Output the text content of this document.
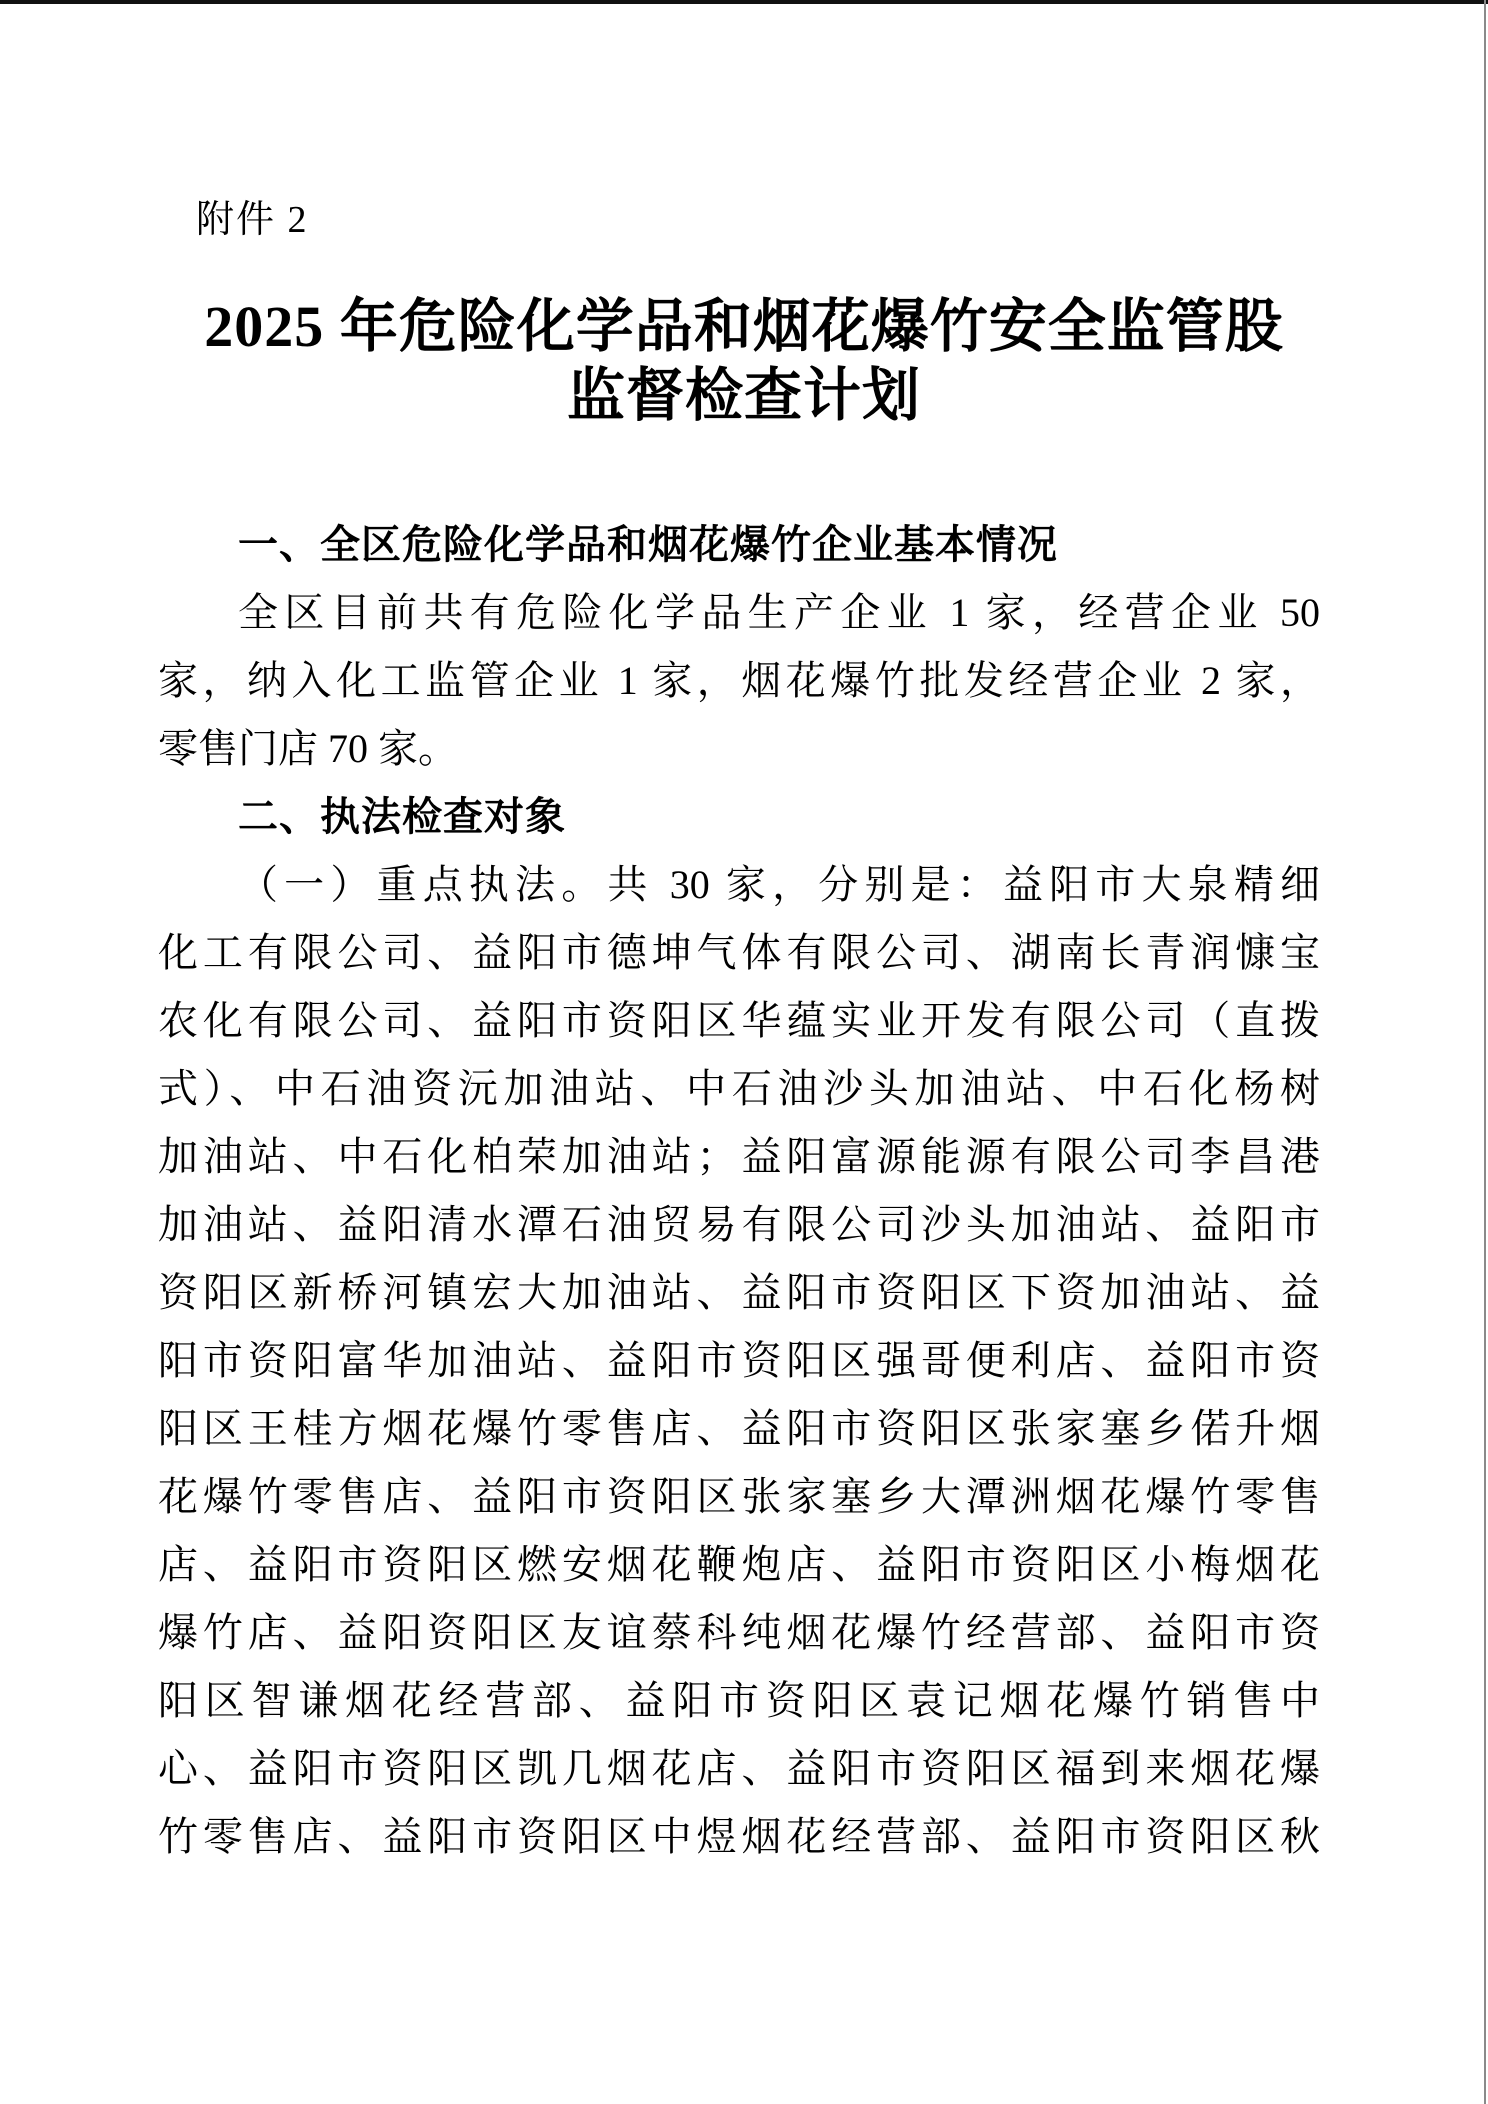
附件 2
2025 年危险化学品和烟花爆竹安全监管股
监督检查计划
一、全区危险化学品和烟花爆竹企业基本情况
全区目前共有危险化学品生产企业 1 家，经营企业 50
家，纳入化工监管企业 1 家，烟花爆竹批发经营企业 2 家，
零售门店 70 家。
二、执法检查对象
（一）重点执法。共 30 家，分别是：益阳市大泉精细
化工有限公司、益阳市德坤气体有限公司、湖南长青润慷宝
农化有限公司、益阳市资阳区华蕴实业开发有限公司（直拨
式）、中石油资沅加油站、中石油沙头加油站、中石化杨树
加油站、中石化柏荣加油站；益阳富源能源有限公司李昌港
加油站、益阳清水潭石油贸易有限公司沙头加油站、益阳市
资阳区新桥河镇宏大加油站、益阳市资阳区下资加油站、益
阳市资阳富华加油站、益阳市资阳区强哥便利店、益阳市资
阳区王桂方烟花爆竹零售店、益阳市资阳区张家塞乡偌升烟
花爆竹零售店、益阳市资阳区张家塞乡大潭洲烟花爆竹零售
店、益阳市资阳区燃安烟花鞭炮店、益阳市资阳区小梅烟花
爆竹店、益阳资阳区友谊蔡科纯烟花爆竹经营部、益阳市资
阳区智谦烟花经营部、益阳市资阳区袁记烟花爆竹销售中
心、益阳市资阳区凯几烟花店、益阳市资阳区福到来烟花爆
竹零售店、益阳市资阳区中煜烟花经营部、益阳市资阳区秋
